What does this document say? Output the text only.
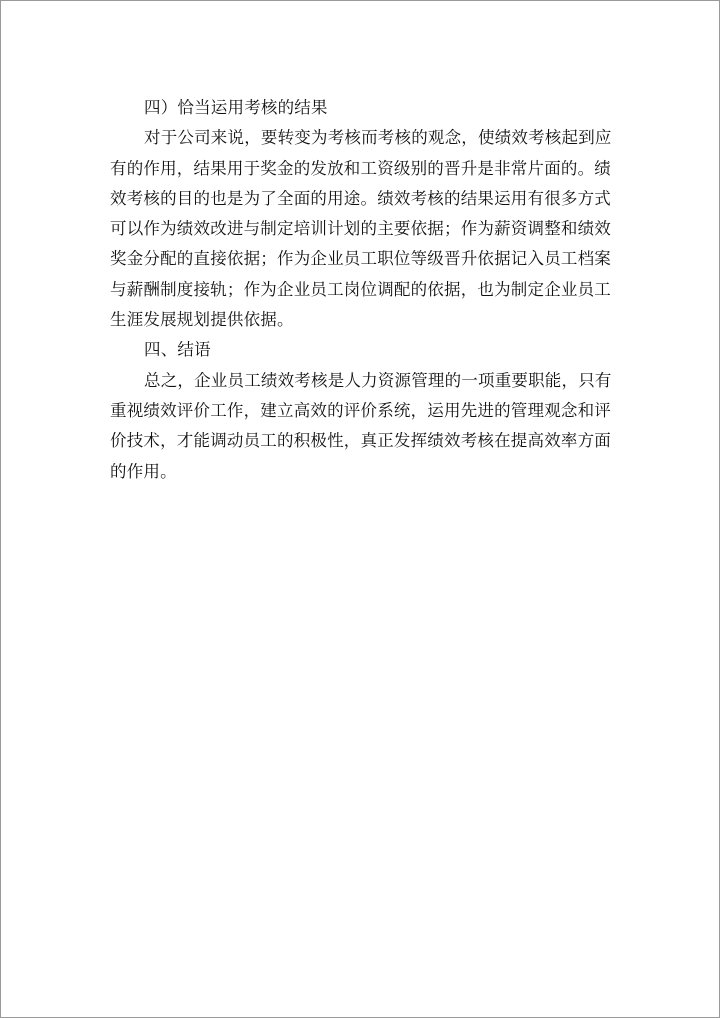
四）恰当运用考核的结果

对于公司来说，要转变为考核而考核的观念，使绩效考核起到应
有的作用，结果用于奖金的发放和工资级别的晋升是非常片面的。绩
效考核的目的也是为了全面的用途。绩效考核的结果运用有很多方式
可以作为绩效改进与制定培训计划的主要依据；作为薪资调整和绩效
奖金分配的直接依据；作为企业员工职位等级晋升依据记入员工档案
与薪酬制度接轨；作为企业员工岗位调配的依据，也为制定企业员工
生涯发展规划提供依据。

四、结语

总之，企业员工绩效考核是人力资源管理的一项重要职能，只有
重视绩效评价工作，建立高效的评价系统，运用先进的管理观念和评
价技术，才能调动员工的积极性，真正发挥绩效考核在提高效率方面
的作用。
